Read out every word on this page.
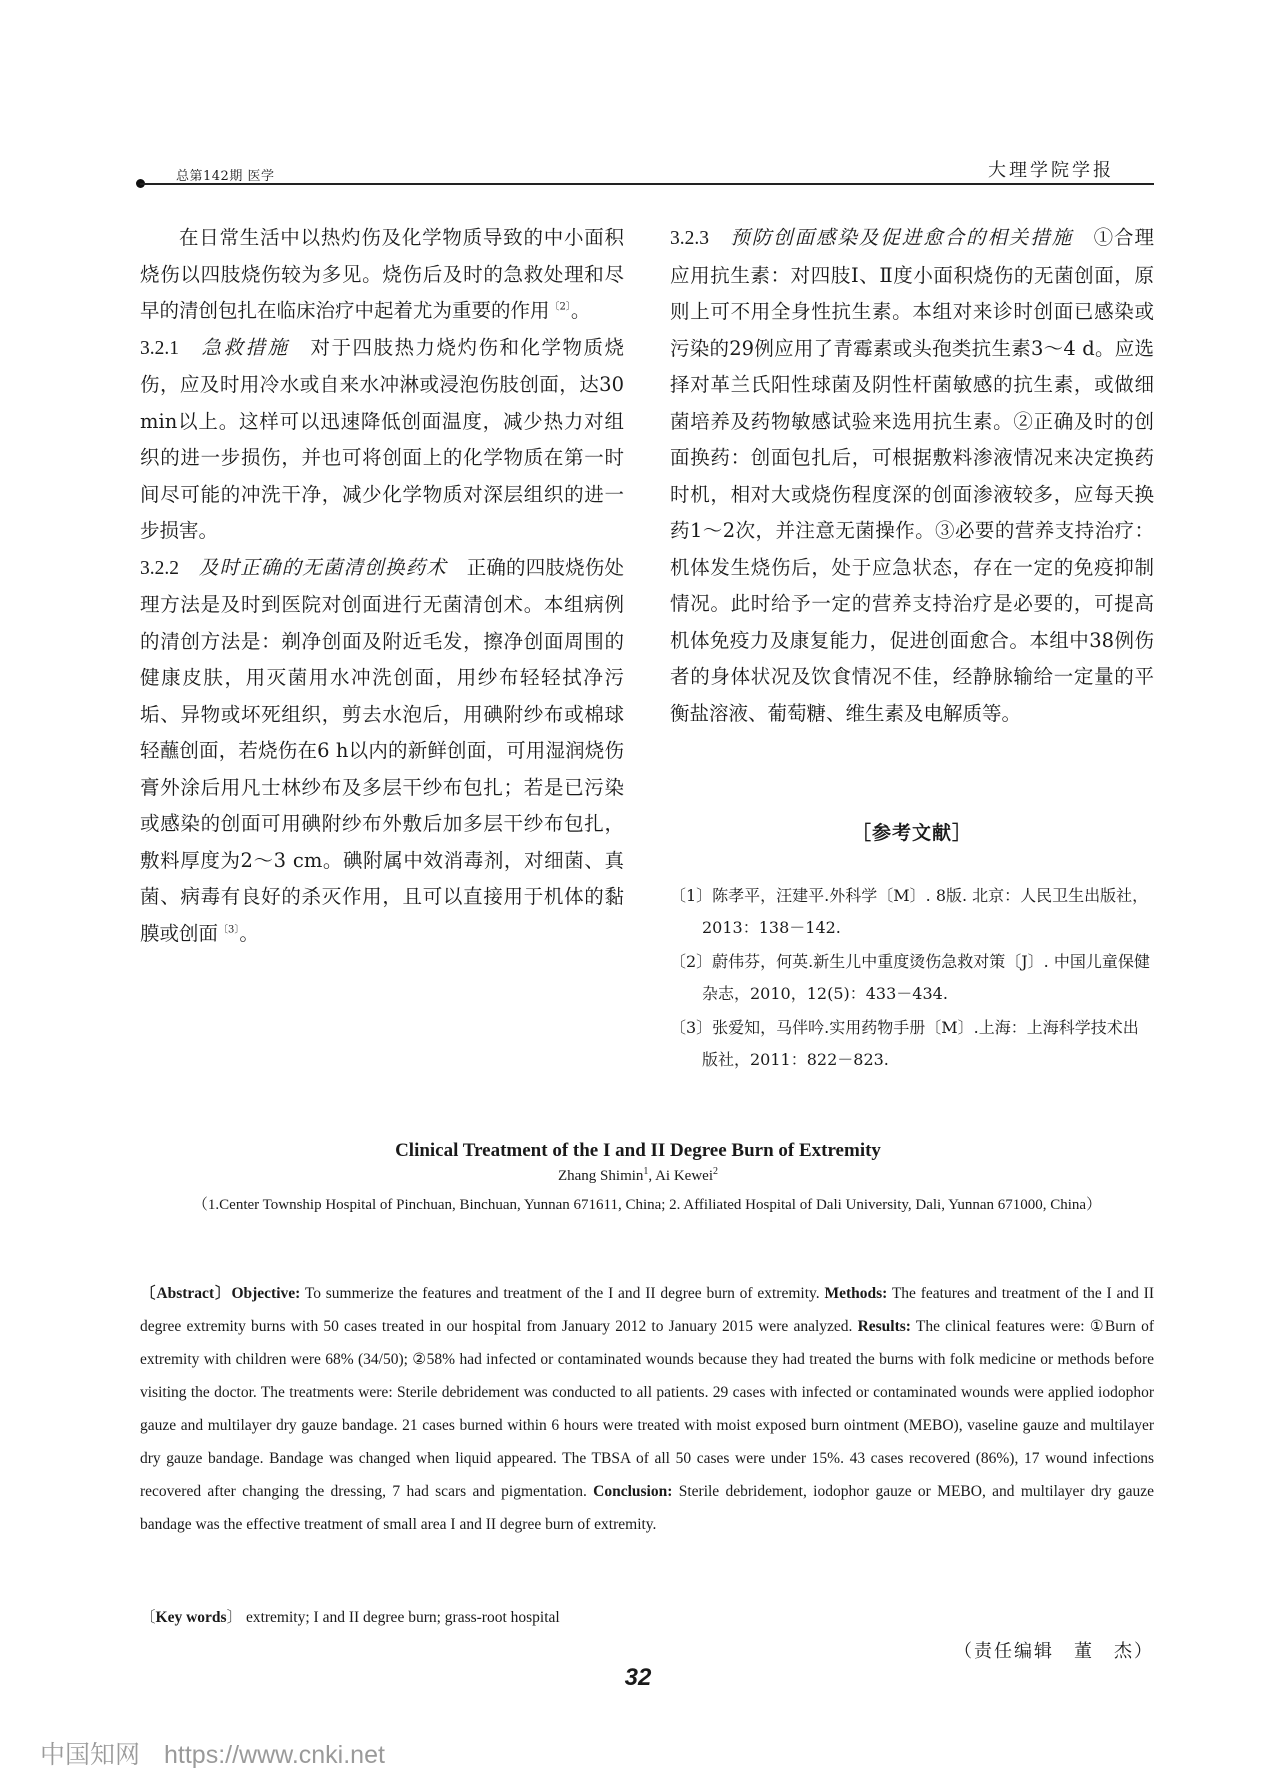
总第142期 医学	大理学院学报

在日常生活中以热灼伤及化学物质导致的中小面积烧伤以四肢烧伤较为多见。烧伤后及时的急救处理和尽早的清创包扎在临床治疗中起着尤为重要的作用$^{〔2〕}$。

3.2.1　 急救措施　 对于四肢热力烧灼伤和化学物质烧伤，应及时用冷水或自来水冲淋或浸泡伤肢创面，达30 min以上。这样可以迅速降低创面温度，减少热力对组织的进一步损伤，并也可将创面上的化学物质在第一时间尽可能的冲洗干净，减少化学物质对深层组织的进一步损害。

3.2.2　 及时正确的无菌清创换药术　 正确的四肢烧伤处理方法是及时到医院对创面进行无菌清创术。本组病例的清创方法是：剃净创面及附近毛发，擦净创面周围的健康皮肤，用灭菌用水冲洗创面，用纱布轻轻拭净污垢、异物或坏死组织，剪去水泡后，用碘附纱布或棉球轻蘸创面，若烧伤在6 h以内的新鲜创面，可用湿润烧伤膏外涂后用凡士林纱布及多层干纱布包扎；若是已污染或感染的创面可用碘附纱布外敷后加多层干纱布包扎，敷料厚度为2～3 cm。碘附属中效消毒剂，对细菌、真菌、病毒有良好的杀灭作用，且可以直接用于机体的黏膜或创面$^{〔3〕}$。

3.2.3　 预防创面感染及促进愈合的相关措施　 ①合理应用抗生素：对四肢Ⅰ、Ⅱ度小面积烧伤的无菌创面，原则上可不用全身性抗生素。本组对来诊时创面已感染或污染的29例应用了青霉素或头孢类抗生素3～4 d。应选择对革兰氏阳性球菌及阴性杆菌敏感的抗生素，或做细菌培养及药物敏感试验来选用抗生素。②正确及时的创面换药：创面包扎后，可根据敷料渗液情况来决定换药时机，相对大或烧伤程度深的创面渗液较多，应每天换药1～2次，并注意无菌操作。③必要的营养支持治疗：机体发生烧伤后，处于应急状态，存在一定的免疫抑制情况。此时给予一定的营养支持治疗是必要的，可提高机体免疫力及康复能力，促进创面愈合。本组中38例伤者的身体状况及饮食情况不佳，经静脉输给一定量的平衡盐溶液、葡萄糖、维生素及电解质等。

［参考文献］

〔1〕陈孝平，汪建平.外科学〔M〕. 8版. 北京：人民卫生出版社，2013：138－142.

〔2〕蔚伟芬，何英.新生儿中重度烫伤急救对策〔J〕. 中国儿童保健杂志，2010，12(5)：433－434.

〔3〕张爱知，马伴吟.实用药物手册〔M〕.上海：上海科学技术出版社，2011：822－823.

Clinical Treatment of the I and II Degree Burn of Extremity
Zhang Shimin$^1$, Ai Kewei$^2$
（1.Center Township Hospital of Pinchuan, Binchuan, Yunnan 671611, China; 2. Affiliated Hospital of Dali University, Dali, Yunnan 671000, China）
〔Abstract〕Objective: To summerize the features and treatment of the I and II degree burn of extremity. Methods: The features and treatment of the I and II degree extremity burns with 50 cases treated in our hospital from January 2012 to January 2015 were analyzed. Results: The clinical features were: ①Burn of extremity with children were 68% (34/50); ②58% had infected or contaminated wounds because they had treated the burns with folk medicine or methods before visiting the doctor. The treatments were: Sterile debridement was conducted to all patients. 29 cases with infected or contaminated wounds were applied iodophor gauze and multilayer dry gauze bandage. 21 cases burned within 6 hours were treated with moist exposed burn ointment (MEBO), vaseline gauze and multilayer dry gauze bandage. Bandage was changed when liquid appeared. The TBSA of all 50 cases were under 15%. 43 cases recovered (86%), 17 wound infections recovered after changing the dressing, 7 had scars and pigmentation. Conclusion: Sterile debridement, iodophor gauze or MEBO, and multilayer dry gauze bandage was the effective treatment of small area I and II degree burn of extremity.
〔Key words〕 extremity; I and II degree burn; grass-root hospital
（责任编辑　董　杰）
32
中国知网 https://www.cnki.net
